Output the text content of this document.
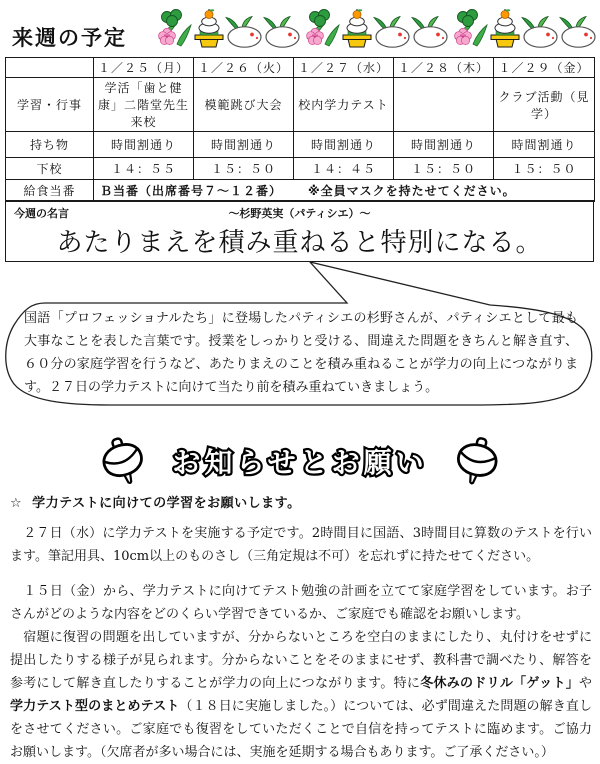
来週の予定
	１／２５（月）	１／２６（火）	１／２７（水）	１／２８（木）	１／２９（金）
学習・行事	学活「歯と健康」二階堂先生来校	模範跳び大会	校内学力テスト		クラブ活動（見学）
持ち物	時間割通り	時間割通り	時間割通り	時間割通り	時間割通り
下校	１４：５５	１５：５０	１４：４５	１５：５０	１５：５０
給食当番	Ｂ当番（出席番号７～１２番） ※全員マスクを持たせてください。				
今週の名言	～杉野英実（パティシエ）～
あたりまえを積み重ねると特別になる。
国語「プロフェッショナルたち」に登場したパティシエの杉野さんが、パティシエとして最も大事なことを表した言葉です。授業をしっかりと受ける、間違えた問題をきちんと解き直す、６０分の家庭学習を行うなど、あたりまえのことを積み重ねることが学力の向上につながります。２７日の学力テストに向けて当たり前を積み重ねていきましょう。
お知らせとお願い
☆ 学力テストに向けての学習をお願いします。

　２７日（水）に学力テストを実施する予定です。2時間目に国語、3時間目に算数のテストを行います。筆記用具、10cm以上のものさし（三角定規は不可）を忘れずに持たせてください。

　１５日（金）から、学力テストに向けてテスト勉強の計画を立てて家庭学習をしています。お子さんがどのような内容をどのくらい学習できているか、ご家庭でも確認をお願いします。

　宿題に復習の問題を出していますが、分からないところを空白のままにしたり、丸付けをせずに提出したりする様子が見られます。分からないことをそのままにせず、教科書で調べたり、解答を参考にして解き直したりすることが学力の向上につながります。特に冬休みのドリル「ゲット」や学力テスト型のまとめテスト（１８日に実施しました。）については、必ず間違えた問題の解き直しをさせてください。ご家庭でも復習をしていただくことで自信を持ってテストに臨めます。ご協力お願いします。（欠席者が多い場合には、実施を延期する場合もあります。ご了承ください。）
